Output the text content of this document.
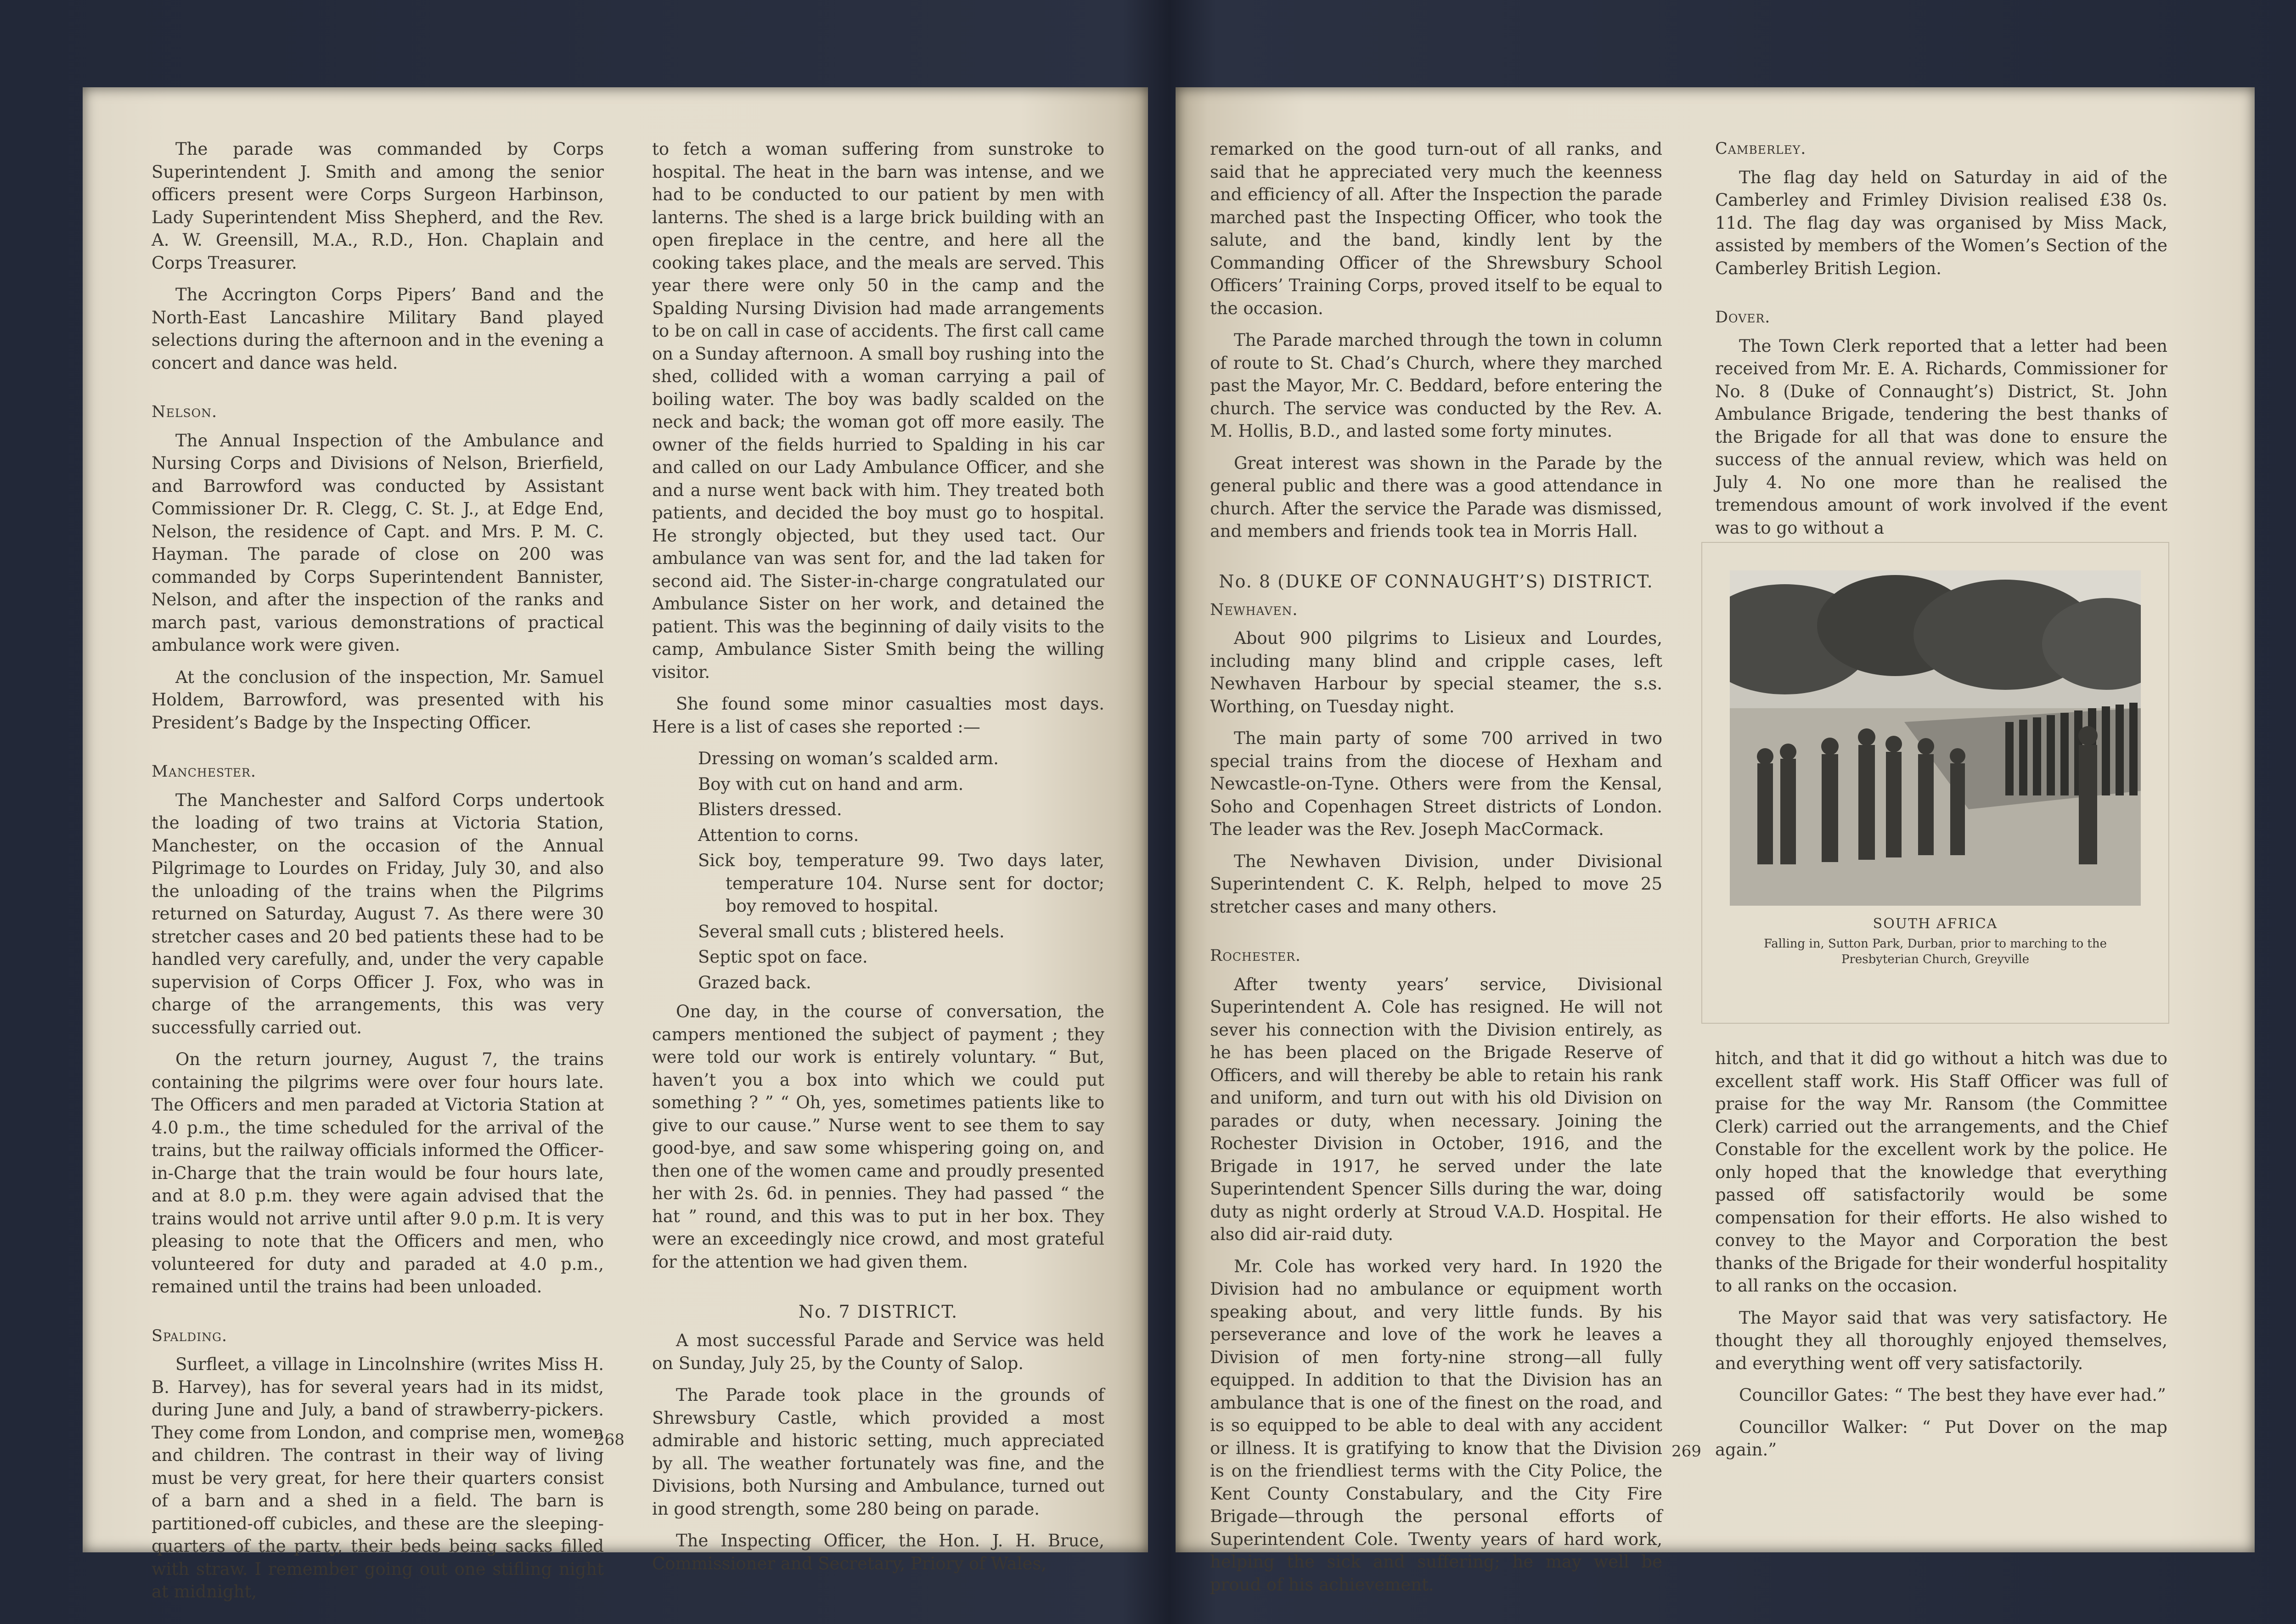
The parade was commanded by Corps Superintendent J. Smith and among the senior officers present were Corps Surgeon Harbinson, Lady Superintendent Miss Shepherd, and the Rev. A. W. Greensill, M.A., R.D., Hon. Chaplain and Corps Treasurer.

The Accrington Corps Pipers’ Band and the North-East Lancashire Military Band played selections during the afternoon and in the evening a concert and dance was held.

Nelson.

The Annual Inspection of the Ambulance and Nursing Corps and Divisions of Nelson, Brierfield, and Barrowford was conducted by Assistant Commissioner Dr. R. Clegg, C. St. J., at Edge End, Nelson, the residence of Capt. and Mrs. P. M. C. Hayman. The parade of close on 200 was commanded by Corps Superintendent Bannister, Nelson, and after the inspection of the ranks and march past, various demonstrations of practical ambulance work were given.

At the conclusion of the inspection, Mr. Samuel Holdem, Barrowford, was presented with his President’s Badge by the Inspecting Officer.

Manchester.

The Manchester and Salford Corps undertook the loading of two trains at Victoria Station, Manchester, on the occasion of the Annual Pilgrimage to Lourdes on Friday, July 30, and also the unloading of the trains when the Pilgrims returned on Saturday, August 7. As there were 30 stretcher cases and 20 bed patients these had to be handled very carefully, and, under the very capable supervision of Corps Officer J. Fox, who was in charge of the arrangements, this was very successfully carried out.

On the return journey, August 7, the trains containing the pilgrims were over four hours late. The Officers and men paraded at Victoria Station at 4.0 p.m., the time scheduled for the arrival of the trains, but the railway officials informed the Officer-in-Charge that the train would be four hours late, and at 8.0 p.m. they were again advised that the trains would not arrive until after 9.0 p.m. It is very pleasing to note that the Officers and men, who volunteered for duty and paraded at 4.0 p.m., remained until the trains had been unloaded.

Spalding.

Surfleet, a village in Lincolnshire (writes Miss H. B. Harvey), has for several years had in its midst, during June and July, a band of strawberry-pickers. They come from London, and comprise men, women and children. The contrast in their way of living must be very great, for here their quarters consist of a barn and a shed in a field. The barn is partitioned-off cubicles, and these are the sleeping-quarters of the party, their beds being sacks filled with straw. I remember going out one stifling night at midnight,

to fetch a woman suffering from sunstroke to hospital. The heat in the barn was intense, and we had to be conducted to our patient by men with lanterns. The shed is a large brick building with an open fireplace in the centre, and here all the cooking takes place, and the meals are served. This year there were only 50 in the camp and the Spalding Nursing Division had made arrangements to be on call in case of accidents. The first call came on a Sunday afternoon. A small boy rushing into the shed, collided with a woman carrying a pail of boiling water. The boy was badly scalded on the neck and back; the woman got off more easily. The owner of the fields hurried to Spalding in his car and called on our Lady Ambulance Officer, and she and a nurse went back with him. They treated both patients, and decided the boy must go to hospital. He strongly objected, but they used tact. Our ambulance van was sent for, and the lad taken for second aid. The Sister-in-charge congratulated our Ambulance Sister on her work, and detained the patient. This was the beginning of daily visits to the camp, Ambulance Sister Smith being the willing visitor.

She found some minor casualties most days. Here is a list of cases she reported :—

Dressing on woman’s scalded arm.
Boy with cut on hand and arm.
Blisters dressed.
Attention to corns.
Sick boy, temperature 99. Two days later, temperature 104. Nurse sent for doctor; boy removed to hospital.
Several small cuts ; blistered heels.
Septic spot on face.
Grazed back.

One day, in the course of conversation, the campers mentioned the subject of payment ; they were told our work is entirely voluntary. “ But, haven’t you a box into which we could put something ? ” “ Oh, yes, sometimes patients like to give to our cause.” Nurse went to see them to say good-bye, and saw some whispering going on, and then one of the women came and proudly presented her with 2s. 6d. in pennies. They had passed “ the hat ” round, and this was to put in her box. They were an exceedingly nice crowd, and most grateful for the attention we had given them.

No. 7 DISTRICT.

A most successful Parade and Service was held on Sunday, July 25, by the County of Salop.

The Parade took place in the grounds of Shrewsbury Castle, which provided a most admirable and historic setting, much appreciated by all. The weather fortunately was fine, and the Divisions, both Nursing and Ambulance, turned out in good strength, some 280 being on parade.

The Inspecting Officer, the Hon. J. H. Bruce, Commissioner and Secretary, Priory of Wales,

268

remarked on the good turn-out of all ranks, and said that he appreciated very much the keenness and efficiency of all. After the Inspection the parade marched past the Inspecting Officer, who took the salute, and the band, kindly lent by the Commanding Officer of the Shrewsbury School Officers’ Training Corps, proved itself to be equal to the occasion.

The Parade marched through the town in column of route to St. Chad’s Church, where they marched past the Mayor, Mr. C. Beddard, before entering the church. The service was conducted by the Rev. A. M. Hollis, B.D., and lasted some forty minutes.

Great interest was shown in the Parade by the general public and there was a good attendance in church. After the service the Parade was dismissed, and members and friends took tea in Morris Hall.

No. 8 (DUKE OF CONNAUGHT’S) DISTRICT.
Newhaven.

About 900 pilgrims to Lisieux and Lourdes, including many blind and cripple cases, left Newhaven Harbour by special steamer, the s.s. Worthing, on Tuesday night.

The main party of some 700 arrived in two special trains from the diocese of Hexham and Newcastle-on-Tyne. Others were from the Kensal, Soho and Copenhagen Street districts of London. The leader was the Rev. Joseph MacCormack.

The Newhaven Division, under Divisional Superintendent C. K. Relph, helped to move 25 stretcher cases and many others.

Rochester.

After twenty years’ service, Divisional Superintendent A. Cole has resigned. He will not sever his connection with the Division entirely, as he has been placed on the Brigade Reserve of Officers, and will thereby be able to retain his rank and uniform, and turn out with his old Division on parades or duty, when necessary. Joining the Rochester Division in October, 1916, and the Brigade in 1917, he served under the late Superintendent Spencer Sills during the war, doing duty as night orderly at Stroud V.A.D. Hospital. He also did air-raid duty.

Mr. Cole has worked very hard. In 1920 the Division had no ambulance or equipment worth speaking about, and very little funds. By his perseverance and love of the work he leaves a Division of men forty-nine strong—all fully equipped. In addition to that the Division has an ambulance that is one of the finest on the road, and is so equipped to be able to deal with any accident or illness. It is gratifying to know that the Division is on the friendliest terms with the City Police, the Kent County Constabulary, and the City Fire Brigade—through the personal efforts of Superintendent Cole. Twenty years of hard work, helping the sick and suffering; he may well be proud of his achievement.

Camberley.

The flag day held on Saturday in aid of the Camberley and Frimley Division realised £38 0s. 11d. The flag day was organised by Miss Mack, assisted by members of the Women’s Section of the Camberley British Legion.

Dover.

The Town Clerk reported that a letter had been received from Mr. E. A. Richards, Commissioner for No. 8 (Duke of Connaught’s) District, St. John Ambulance Brigade, tendering the best thanks of the Brigade for all that was done to ensure the success of the annual review, which was held on July 4. No one more than he realised the tremendous amount of work involved if the event was to go without a

SOUTH AFRICA
Falling in, Sutton Park, Durban, prior to marching to the Presbyterian Church, Greyville

hitch, and that it did go without a hitch was due to excellent staff work. His Staff Officer was full of praise for the way Mr. Ransom (the Committee Clerk) carried out the arrangements, and the Chief Constable for the excellent work by the police. He only hoped that the knowledge that everything passed off satisfactorily would be some compensation for their efforts. He also wished to convey to the Mayor and Corporation the best thanks of the Brigade for their wonderful hospitality to all ranks on the occasion.

The Mayor said that was very satisfactory. He thought they all thoroughly enjoyed themselves, and everything went off very satisfactorily.

Councillor Gates: “ The best they have ever had.”

Councillor Walker: “ Put Dover on the map again.”

269
